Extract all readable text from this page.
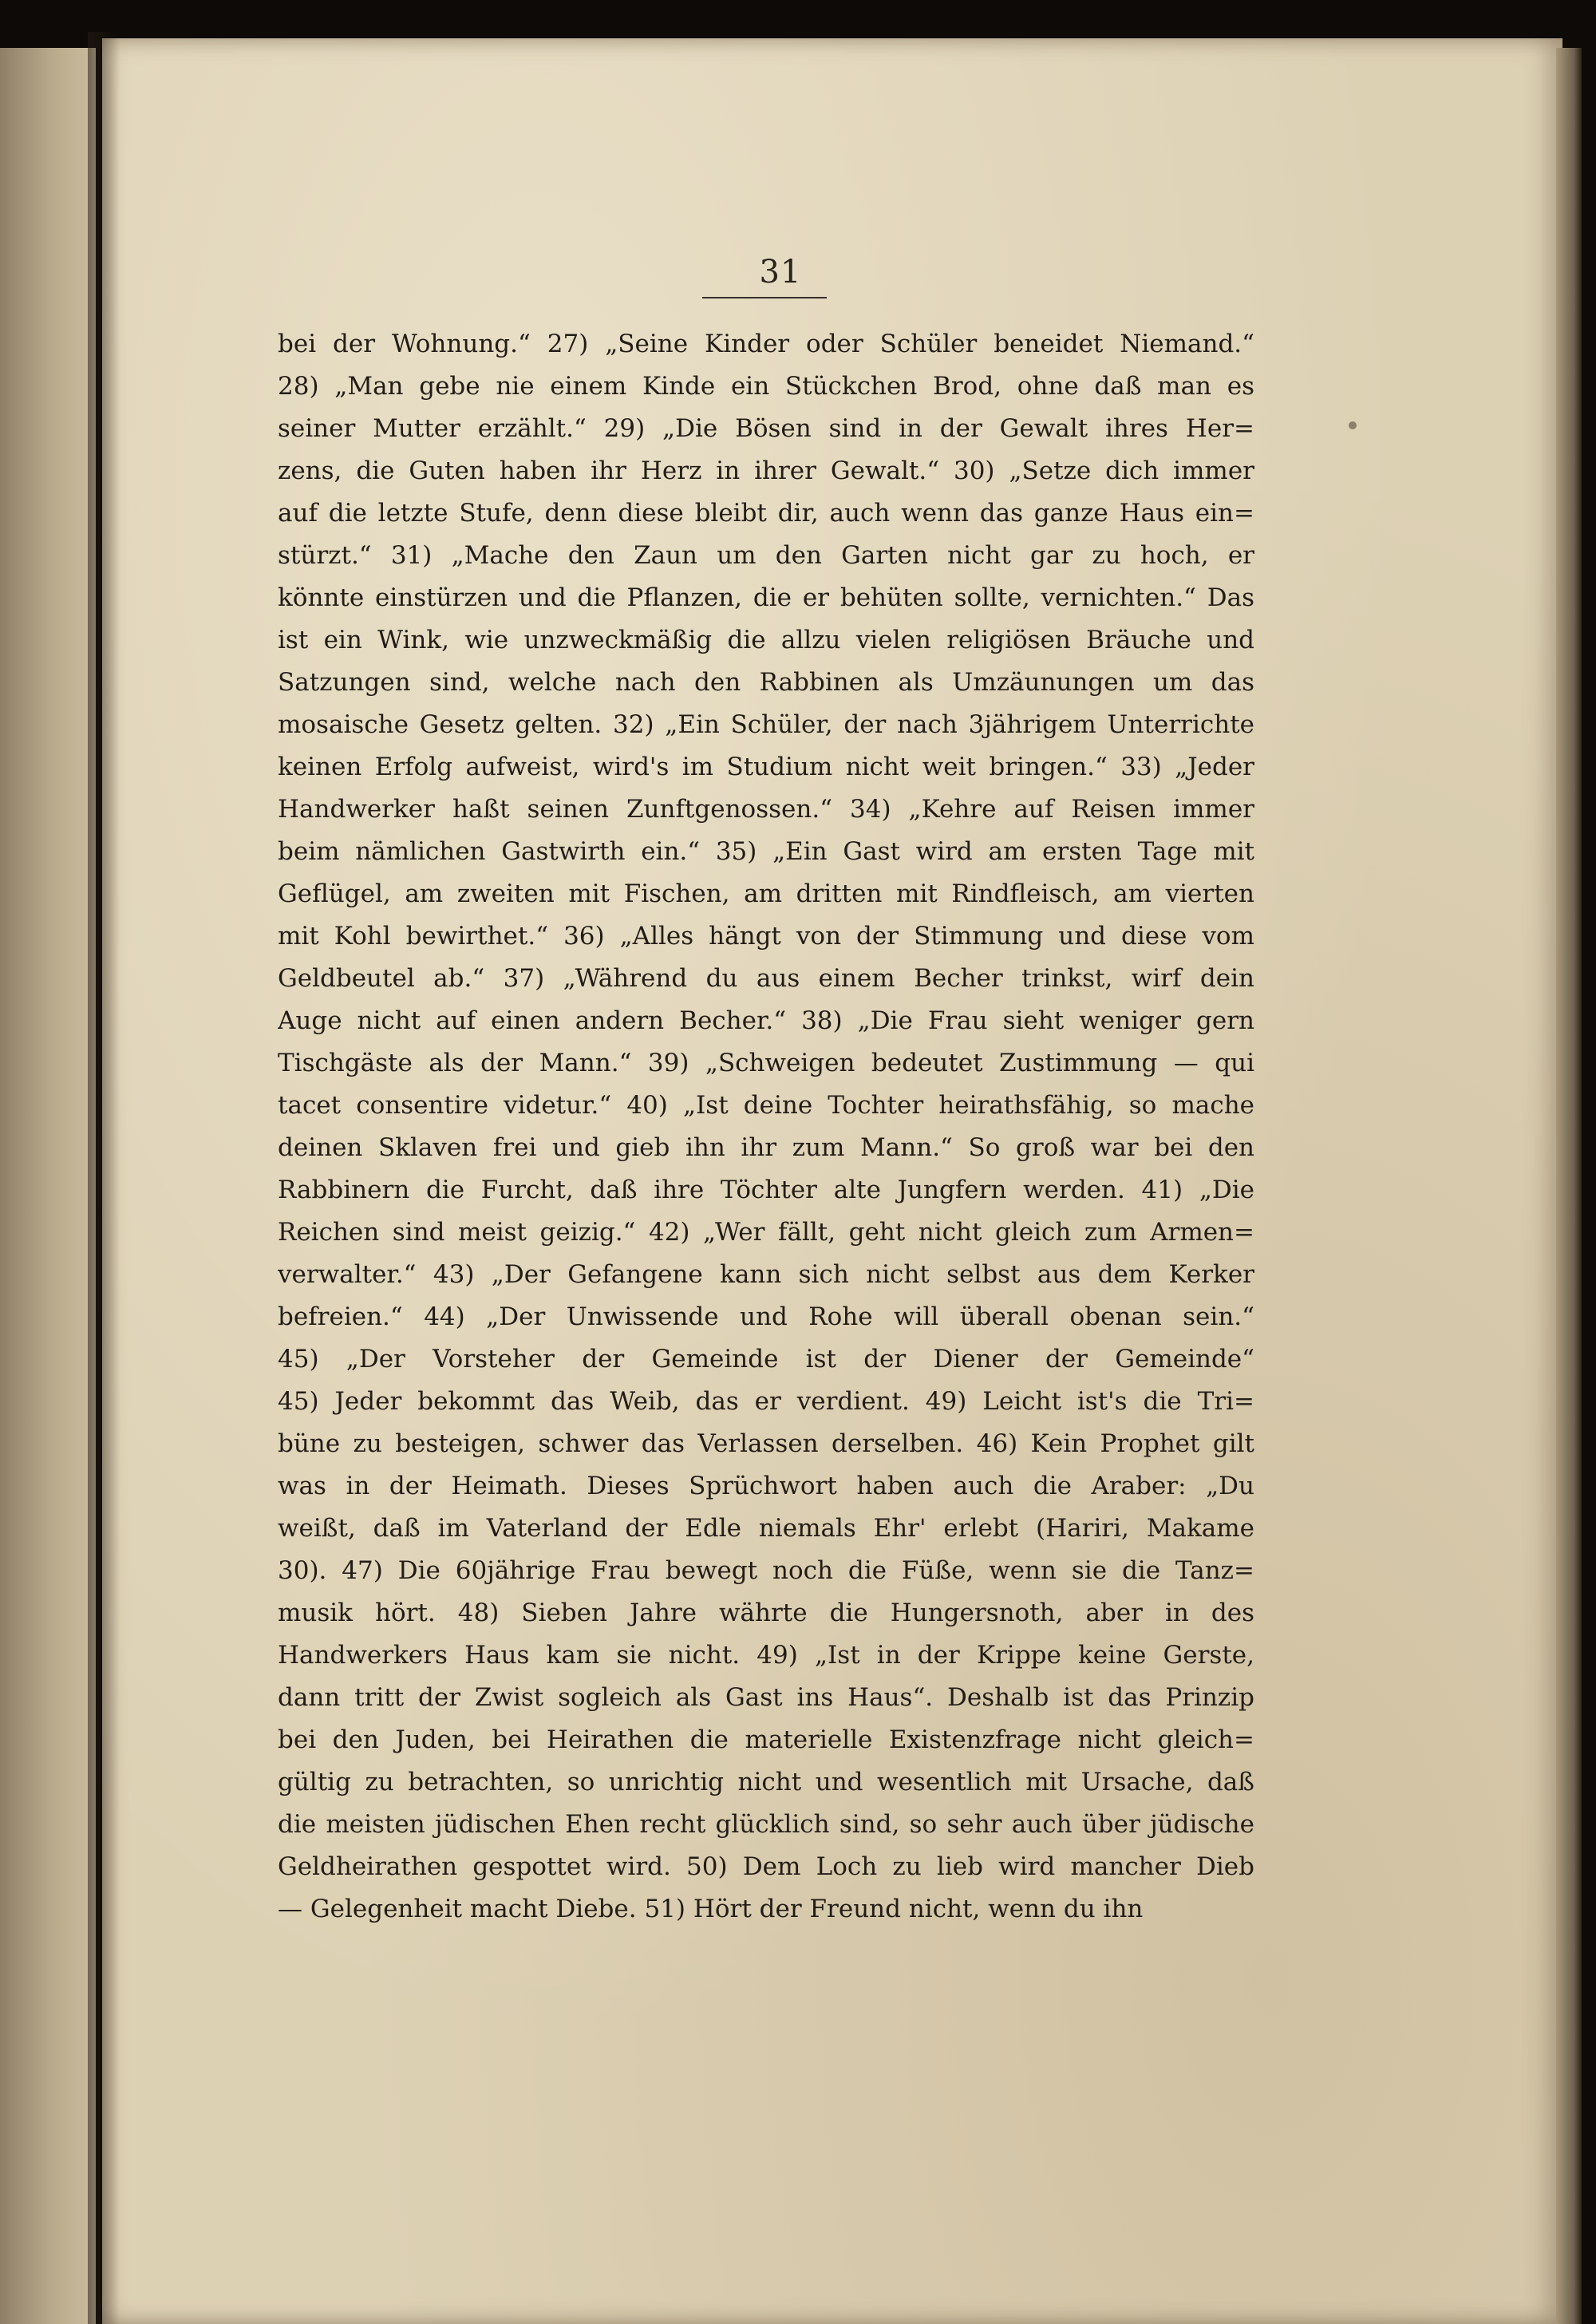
31
bei der Wohnung.“ 27) „Seine Kinder oder Schüler beneidet Niemand.“
28) „Man gebe nie einem Kinde ein Stückchen Brod, ohne daß man es
seiner Mutter erzählt.“ 29) „Die Bösen sind in der Gewalt ihres Her=
zens, die Guten haben ihr Herz in ihrer Gewalt.“ 30) „Setze dich immer
auf die letzte Stufe, denn diese bleibt dir, auch wenn das ganze Haus ein=
stürzt.“ 31) „Mache den Zaun um den Garten nicht gar zu hoch, er
könnte einstürzen und die Pflanzen, die er behüten sollte, vernichten.“ Das
ist ein Wink, wie unzweckmäßig die allzu vielen religiösen Bräuche und
Satzungen sind, welche nach den Rabbinen als Umzäunungen um das
mosaische Gesetz gelten. 32) „Ein Schüler, der nach 3jährigem Unterrichte
keinen Erfolg aufweist, wird's im Studium nicht weit bringen.“ 33) „Jeder
Handwerker haßt seinen Zunftgenossen.“ 34) „Kehre auf Reisen immer
beim nämlichen Gastwirth ein.“ 35) „Ein Gast wird am ersten Tage mit
Geflügel, am zweiten mit Fischen, am dritten mit Rindfleisch, am vierten
mit Kohl bewirthet.“ 36) „Alles hängt von der Stimmung und diese vom
Geldbeutel ab.“ 37) „Während du aus einem Becher trinkst, wirf dein
Auge nicht auf einen andern Becher.“ 38) „Die Frau sieht weniger gern
Tischgäste als der Mann.“ 39) „Schweigen bedeutet Zustimmung — qui
tacet consentire videtur.“ 40) „Ist deine Tochter heirathsfähig, so mache
deinen Sklaven frei und gieb ihn ihr zum Mann.“ So groß war bei den
Rabbinern die Furcht, daß ihre Töchter alte Jungfern werden. 41) „Die
Reichen sind meist geizig.“ 42) „Wer fällt, geht nicht gleich zum Armen=
verwalter.“ 43) „Der Gefangene kann sich nicht selbst aus dem Kerker
befreien.“ 44) „Der Unwissende und Rohe will überall obenan sein.“
45) „Der Vorsteher der Gemeinde ist der Diener der Gemeinde“
45) Jeder bekommt das Weib, das er verdient. 49) Leicht ist's die Tri=
büne zu besteigen, schwer das Verlassen derselben. 46) Kein Prophet gilt
was in der Heimath. Dieses Sprüchwort haben auch die Araber: „Du
weißt, daß im Vaterland der Edle niemals Ehr' erlebt (Hariri, Makame
30). 47) Die 60jährige Frau bewegt noch die Füße, wenn sie die Tanz=
musik hört. 48) Sieben Jahre währte die Hungersnoth, aber in des
Handwerkers Haus kam sie nicht. 49) „Ist in der Krippe keine Gerste,
dann tritt der Zwist sogleich als Gast ins Haus“. Deshalb ist das Prinzip
bei den Juden, bei Heirathen die materielle Existenzfrage nicht gleich=
gültig zu betrachten, so unrichtig nicht und wesentlich mit Ursache, daß
die meisten jüdischen Ehen recht glücklich sind, so sehr auch über jüdische
Geldheirathen gespottet wird. 50) Dem Loch zu lieb wird mancher Dieb
— Gelegenheit macht Diebe. 51) Hört der Freund nicht, wenn du ihn
